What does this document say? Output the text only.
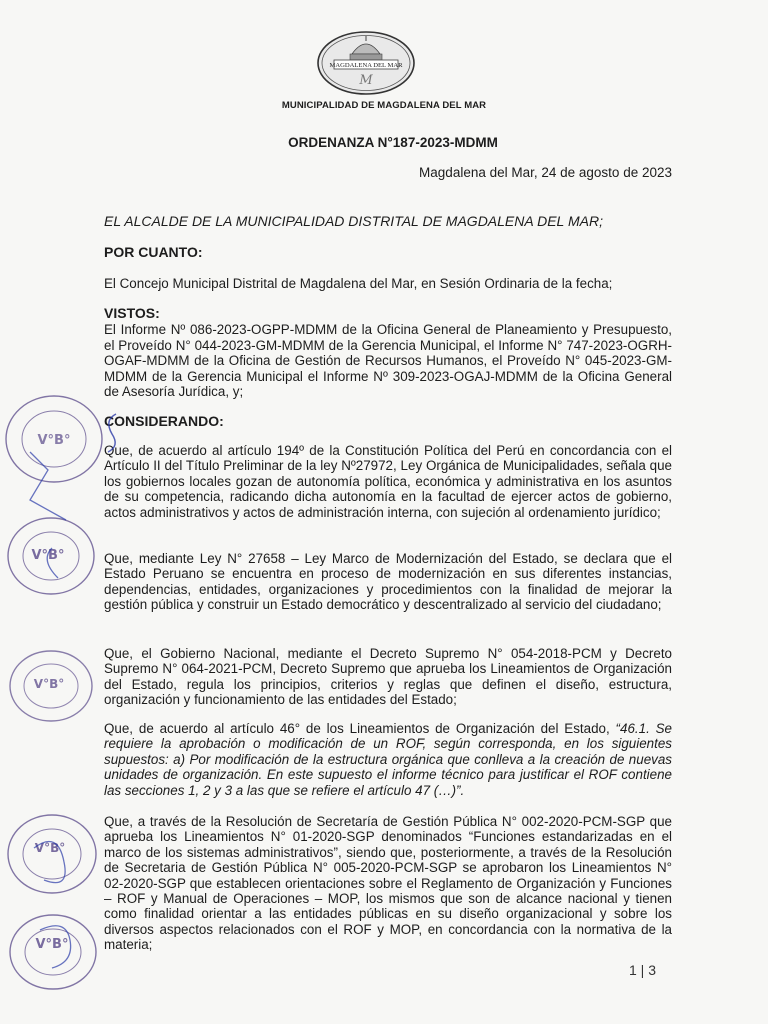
MAGDALENA DEL MAR
M
MUNICIPALIDAD DE MAGDALENA DEL MAR
ORDENANZA N°187-2023-MDMM
Magdalena del Mar, 24 de agosto de 2023
EL ALCALDE DE LA MUNICIPALIDAD DISTRITAL DE MAGDALENA DEL MAR;
POR CUANTO:
El Concejo Municipal Distrital de Magdalena del Mar, en Sesión Ordinaria de la fecha;
VISTOS:
El Informe Nº 086-2023-OGPP-MDMM de la Oficina General de Planeamiento y Presupuesto, el Proveído N° 044-2023-GM-MDMM de la Gerencia Municipal, el Informe N° 747-2023-OGRH-OGAF-MDMM de la Oficina de Gestión de Recursos Humanos, el Proveído N° 045-2023-GM-MDMM de la Gerencia Municipal el Informe Nº 309-2023-OGAJ-MDMM de la Oficina General de Asesoría Jurídica, y;
CONSIDERANDO:
Que, de acuerdo al artículo 194º de la Constitución Política del Perú en concordancia con el Artículo II del Título Preliminar de la ley Nº27972, Ley Orgánica de Municipalidades, señala que los gobiernos locales gozan de autonomía política, económica y administrativa en los asuntos de su competencia, radicando dicha autonomía en la facultad de ejercer actos de gobierno, actos administrativos y actos de administración interna, con sujeción al ordenamiento jurídico;
Que, mediante Ley N° 27658 – Ley Marco de Modernización del Estado, se declara que el Estado Peruano se encuentra en proceso de modernización en sus diferentes instancias, dependencias, entidades, organizaciones y procedimientos con la finalidad de mejorar la gestión pública y construir un Estado democrático y descentralizado al servicio del ciudadano;
Que, el Gobierno Nacional, mediante el Decreto Supremo N° 054-2018-PCM y Decreto Supremo N° 064-2021-PCM, Decreto Supremo que aprueba los Lineamientos de Organización del Estado, regula los principios, criterios y reglas que definen el diseño, estructura, organización y funcionamiento de las entidades del Estado;
Que, de acuerdo al artículo 46° de los Lineamientos de Organización del Estado, “46.1. Se requiere la aprobación o modificación de un ROF, según corresponda, en los siguientes supuestos: a) Por modificación de la estructura orgánica que conlleva a la creación de nuevas unidades de organización. En este supuesto el informe técnico para justificar el ROF contiene las secciones 1, 2 y 3 a las que se refiere el artículo 47 (…)”.
Que, a través de la Resolución de Secretaría de Gestión Pública N° 002-2020-PCM-SGP que aprueba los Lineamientos N° 01-2020-SGP denominados “Funciones estandarizadas en el marco de los sistemas administrativos”, siendo que, posteriormente, a través de la Resolución de Secretaria de Gestión Pública N° 005-2020-PCM-SGP se aprobaron los Lineamientos N° 02-2020-SGP que establecen orientaciones sobre el Reglamento de Organización y Funciones – ROF y Manual de Operaciones – MOP, los mismos que son de alcance nacional y tienen como finalidad orientar a las entidades públicas en su diseño organizacional y sobre los diversos aspectos relacionados con el ROF y MOP, en concordancia con la normativa de la materia;
1 | 3
V°B°
V°B°
V°B°
V°B°
V°B°
